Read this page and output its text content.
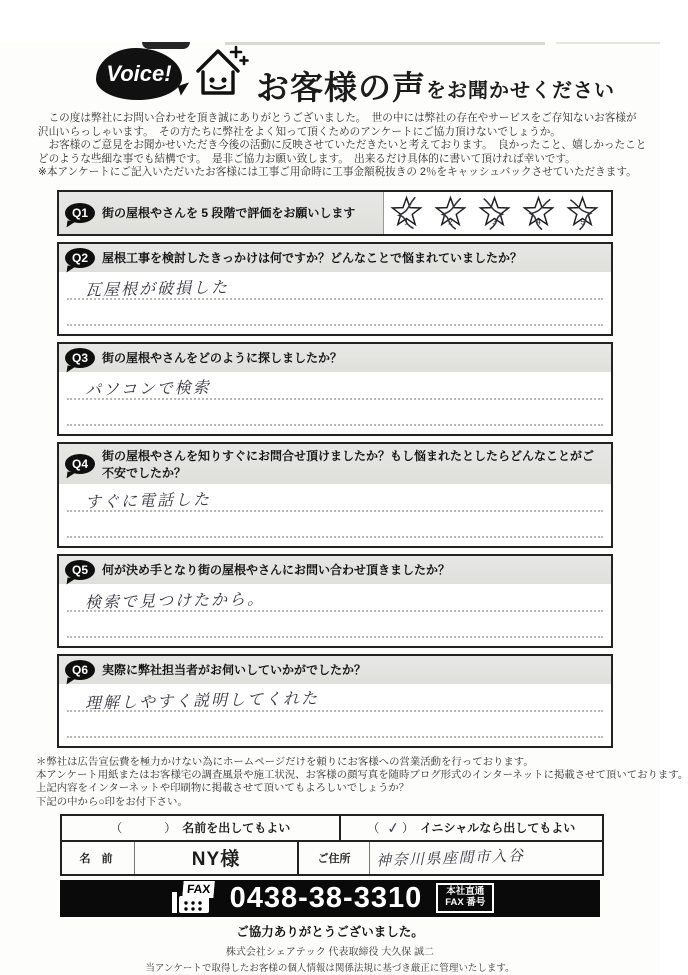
Voice!	お客様の声 をお聞かせください
　この度は弊社にお問い合わせを頂き誠にありがとうございました。　世の中には弊社の存在やサービスをご存知ないお客様が
沢山いらっしゃいます。　その方たちに弊社をよく知って頂くためのアンケートにご協力頂けないでしょうか。
　お客様のご意見をお聞かせいただき今後の活動に反映させていただきたいと考えております。　良かったこと、嬉しかったこと
どのような些細な事でも結構です。　是非ご協力お願い致します。　出来るだけ具体的に書いて頂ければ幸いです。
※本アンケートにご記入いただいたお客様には工事ご用命時に工事金額税抜きの 2％をキャッシュバックさせていただきます。
Q1 街の屋根やさんを 5 段階で評価をお願いします
1	2	3	4	5
Q2 屋根工事を検討したきっかけは何ですか？どんなことで悩まれていましたか？
瓦屋根が破損した
Q3 街の屋根やさんをどのように探しましたか？
パソコンで検索
Q4
街の屋根やさんを知りすぐにお問合せ頂けましたか？もし悩まれたとしたらどんなことがご不安でしたか？
すぐに電話した
Q5 何が決め手となり街の屋根やさんにお問い合わせ頂きましたか？
検索で見つけたから。
Q6 実際に弊社担当者がお伺いしていかがでしたか？
理解しやすく説明してくれた
＊弊社は広告宣伝費を極力かけない為にホームページだけを頼りにお客様への営業活動を行っております。
本アンケート用紙またはお客様宅の調査風景や施工状況、お客様の顔写真を随時ブログ形式のインターネットに掲載させて頂いております。
上記内容をインターネットや印刷物に掲載させて頂いてもよろしいでしょうか？
下記の中から○印をお付下さい。
（　　） 名前を出してもよい	（ ✓ ） イニシャルなら出してもよい
名 前	NY様	ご住所	神奈川県座間市入谷
FAX 0438-38-3310	本社直通
FAX 番号
ご協力ありがとうございました。
株式会社シェアテック 代表取締役 大久保 誠二
当アンケートで取得したお客様の個人情報は関係法規に基づき厳正に管理いたします。
